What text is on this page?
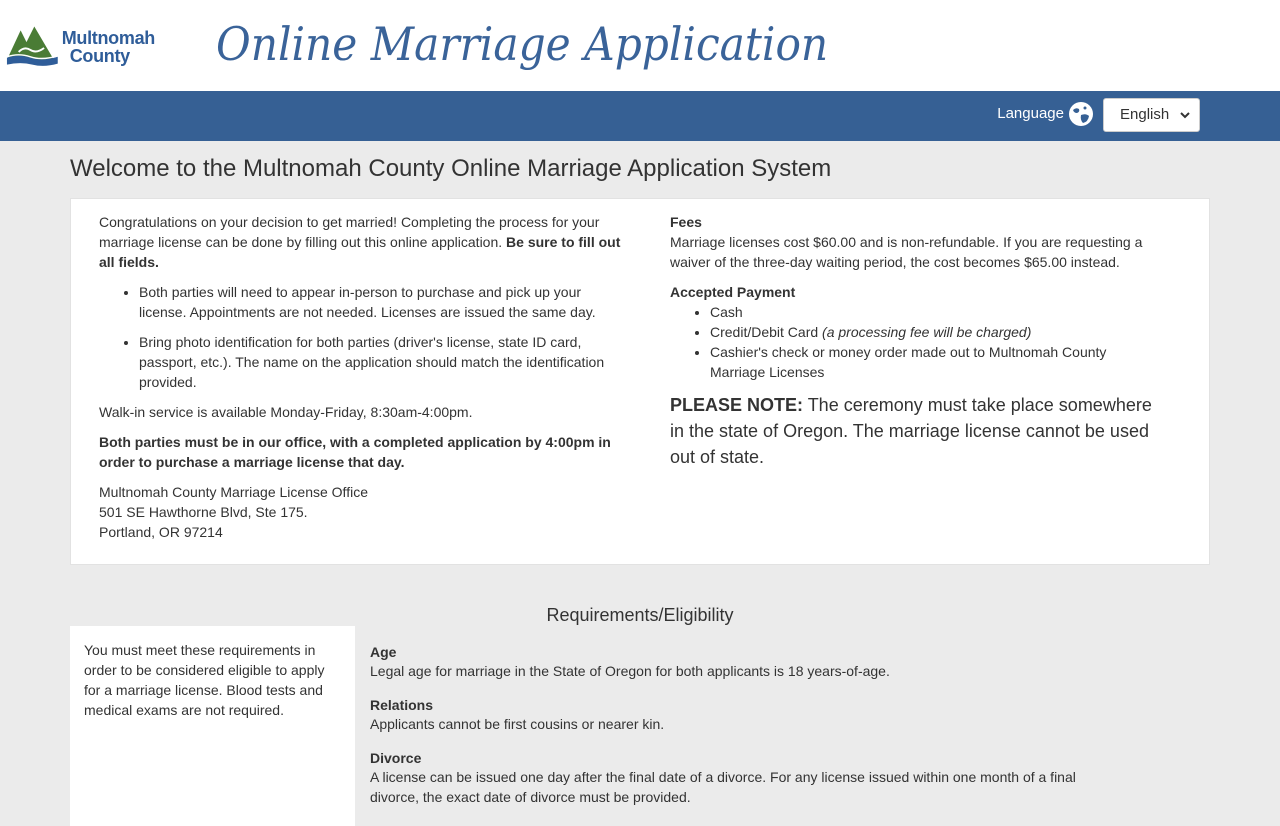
Multnomah
County	Online Marriage Application
Language	English
Welcome to the Multnomah County Online Marriage Application System

Congratulations on your decision to get married! Completing the process for your marriage license can be done by filling out this online application. Be sure to fill out all fields.

• Both parties will need to appear in-person to purchase and pick up your license. Appointments are not needed. Licenses are issued the same day.
• Bring photo identification for both parties (driver's license, state ID card, passport, etc.). The name on the application should match the identification provided.

Walk-in service is available Monday-Friday, 8:30am-4:00pm.

Both parties must be in our office, with a completed application by 4:00pm in order to purchase a marriage license that day.

Multnomah County Marriage License Office
501 SE Hawthorne Blvd, Ste 175.
Portland, OR 97214

Fees

Marriage licenses cost $60.00 and is non-refundable. If you are requesting a waiver of the three-day waiting period, the cost becomes $65.00 instead.

Accepted Payment
• Cash
• Credit/Debit Card (a processing fee will be charged)
• Cashier's check or money order made out to Multnomah County Marriage Licenses
PLEASE NOTE: The ceremony must take place somewhere in the state of Oregon. The marriage license cannot be used out of state.
Requirements/Eligibility
You must meet these requirements in order to be considered eligible to apply for a marriage license. Blood tests and medical exams are not required.
Age
Legal age for marriage in the State of Oregon for both applicants is 18 years-of-age.
Relations
Applicants cannot be first cousins or nearer kin.
Divorce
A license can be issued one day after the final date of a divorce. For any license issued within one month of a final divorce, the exact date of divorce must be provided.
